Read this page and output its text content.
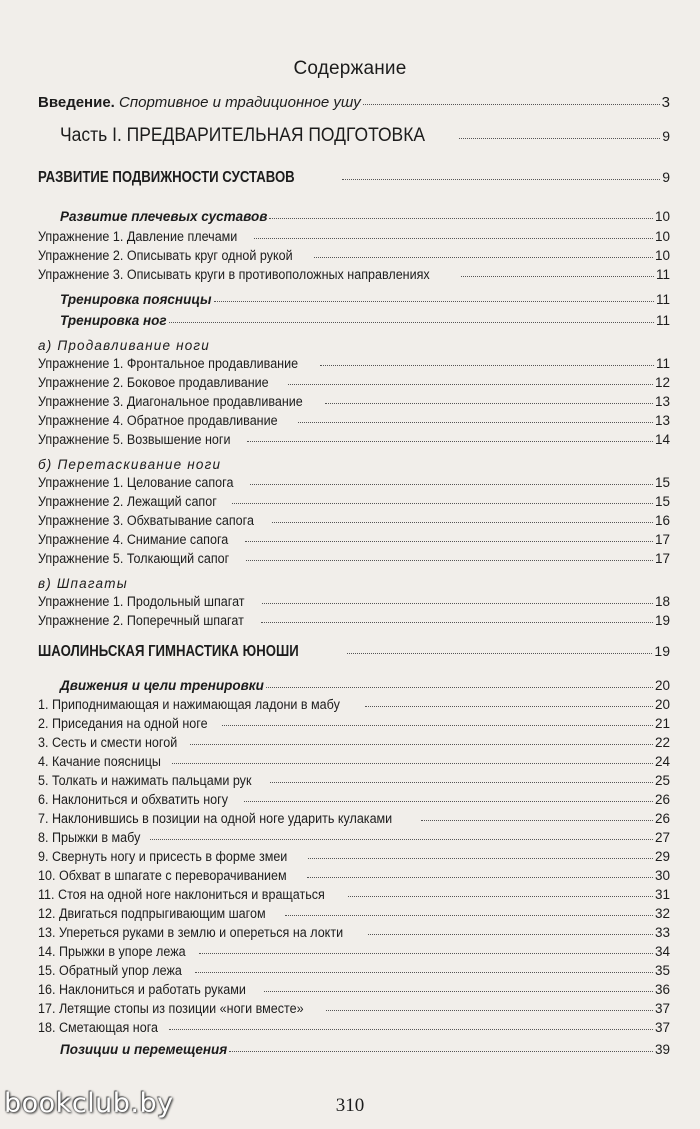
Содержание
Введение. Спортивное и традиционное ушу	3
Часть I. ПРЕДВАРИТЕЛЬНАЯ ПОДГОТОВКА	9
РАЗВИТИЕ ПОДВИЖНОСТИ СУСТАВОВ	9
Развитие плечевых суставов	10
Упражнение 1. Давление плечами	10
Упражнение 2. Описывать круг одной рукой	10
Упражнение 3. Описывать круги в противоположных направлениях	11
Тренировка поясницы	11
Тренировка ног	11
а) Продавливание ноги
Упражнение 1. Фронтальное продавливание	11
Упражнение 2. Боковое продавливание	12
Упражнение 3. Диагональное продавливание	13
Упражнение 4. Обратное продавливание	13
Упражнение 5. Возвышение ноги	14
б) Перетаскивание ноги
Упражнение 1. Целование сапога	15
Упражнение 2. Лежащий сапог	15
Упражнение 3. Обхватывание сапога	16
Упражнение 4. Снимание сапога	17
Упражнение 5. Толкающий сапог	17
в) Шпагаты
Упражнение 1. Продольный шпагат	18
Упражнение 2. Поперечный шпагат	19
ШАОЛИНЬСКАЯ ГИМНАСТИКА ЮНОШИ	19
Движения и цели тренировки	20
1. Приподнимающая и нажимающая ладони в мабу	20
2. Приседания на одной ноге	21
3. Сесть и смести ногой	22
4. Качание поясницы	24
5. Толкать и нажимать пальцами рук	25
6. Наклониться и обхватить ногу	26
7. Наклонившись в позиции на одной ноге ударить кулаками	26
8. Прыжки в мабу	27
9. Свернуть ногу и присесть в форме змеи	29
10. Обхват в шпагате с переворачиванием	30
11. Стоя на одной ноге наклониться и вращаться	31
12. Двигаться подпрыгивающим шагом	32
13. Упереться руками в землю и опереться на локти	33
14. Прыжки в упоре лежа	34
15. Обратный упор лежа	35
16. Наклониться и работать руками	36
17. Летящие стопы из позиции «ноги вместе»	37
18. Сметающая нога	37
Позиции и перемещения	39
310
bookclub.by
